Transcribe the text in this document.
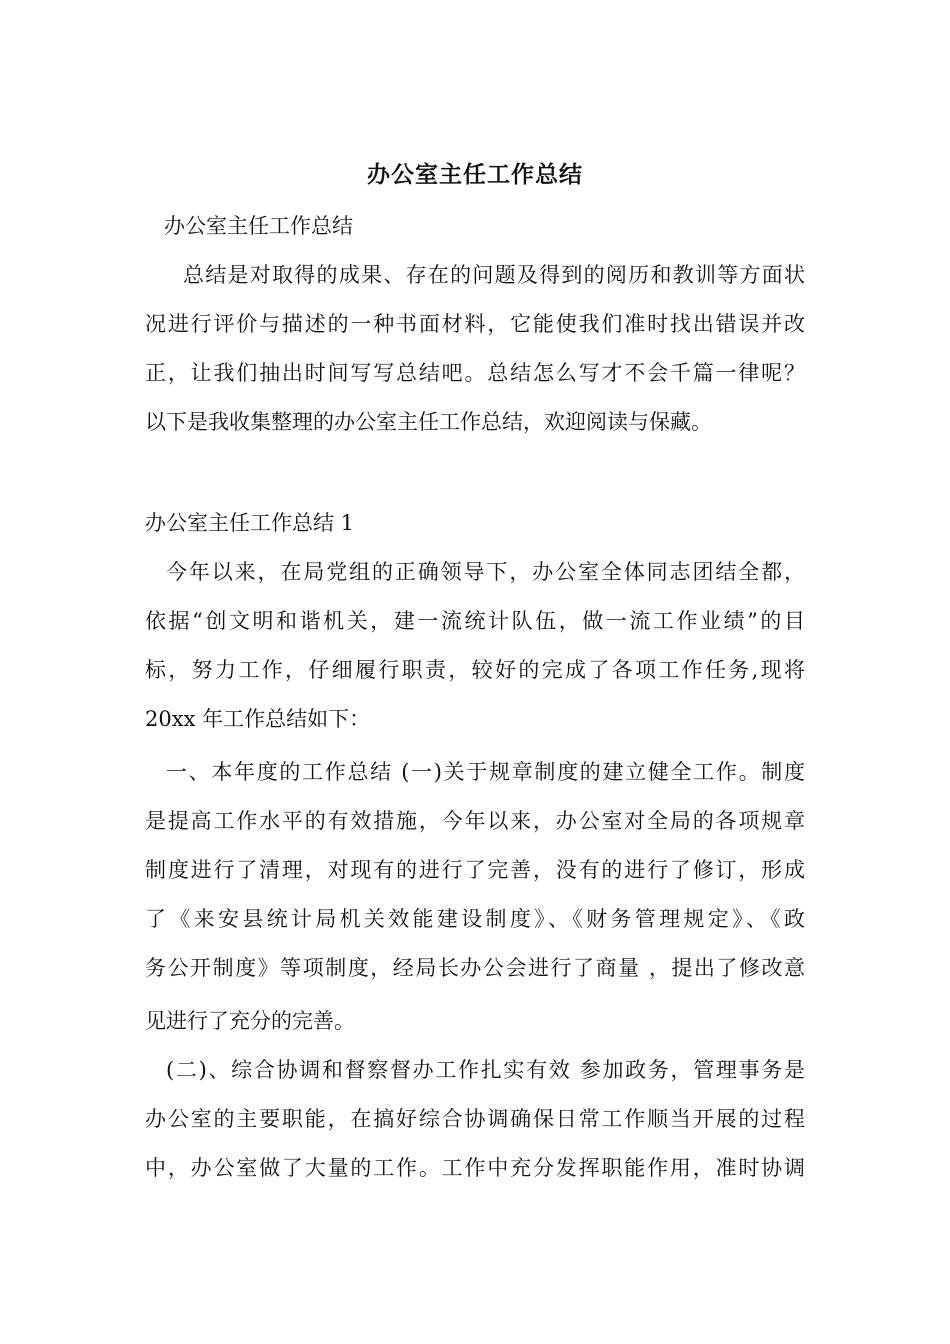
办公室主任工作总结
办公室主任工作总结
总结是对取得的成果、存在的问题及得到的阅历和教训等方面状
况进行评价与描述的一种书面材料，它能使我们准时找出错误并改
正，让我们抽出时间写写总结吧。总结怎么写才不会千篇一律呢？
以下是我收集整理的办公室主任工作总结，欢迎阅读与保藏。
办公室主任工作总结 1
今年以来，在局党组的正确领导下，办公室全体同志团结全都，
依据“创文明和谐机关，建一流统计队伍，做一流工作业绩”的目
标，努力工作，仔细履行职责，较好的完成了各项工作任务,现将
20xx 年工作总结如下：
一、本年度的工作总结 (一)关于规章制度的建立健全工作。制度
是提高工作水平的有效措施，今年以来，办公室对全局的各项规章
制度进行了清理，对现有的进行了完善，没有的进行了修订，形成
了《来安县统计局机关效能建设制度》、《财务管理规定》、《政
务公开制度》等项制度，经局长办公会进行了商量 ，提出了修改意
见进行了充分的完善。
(二)、综合协调和督察督办工作扎实有效 参加政务，管理事务是
办公室的主要职能，在搞好综合协调确保日常工作顺当开展的过程
中，办公室做了大量的工作。工作中充分发挥职能作用，准时协调
